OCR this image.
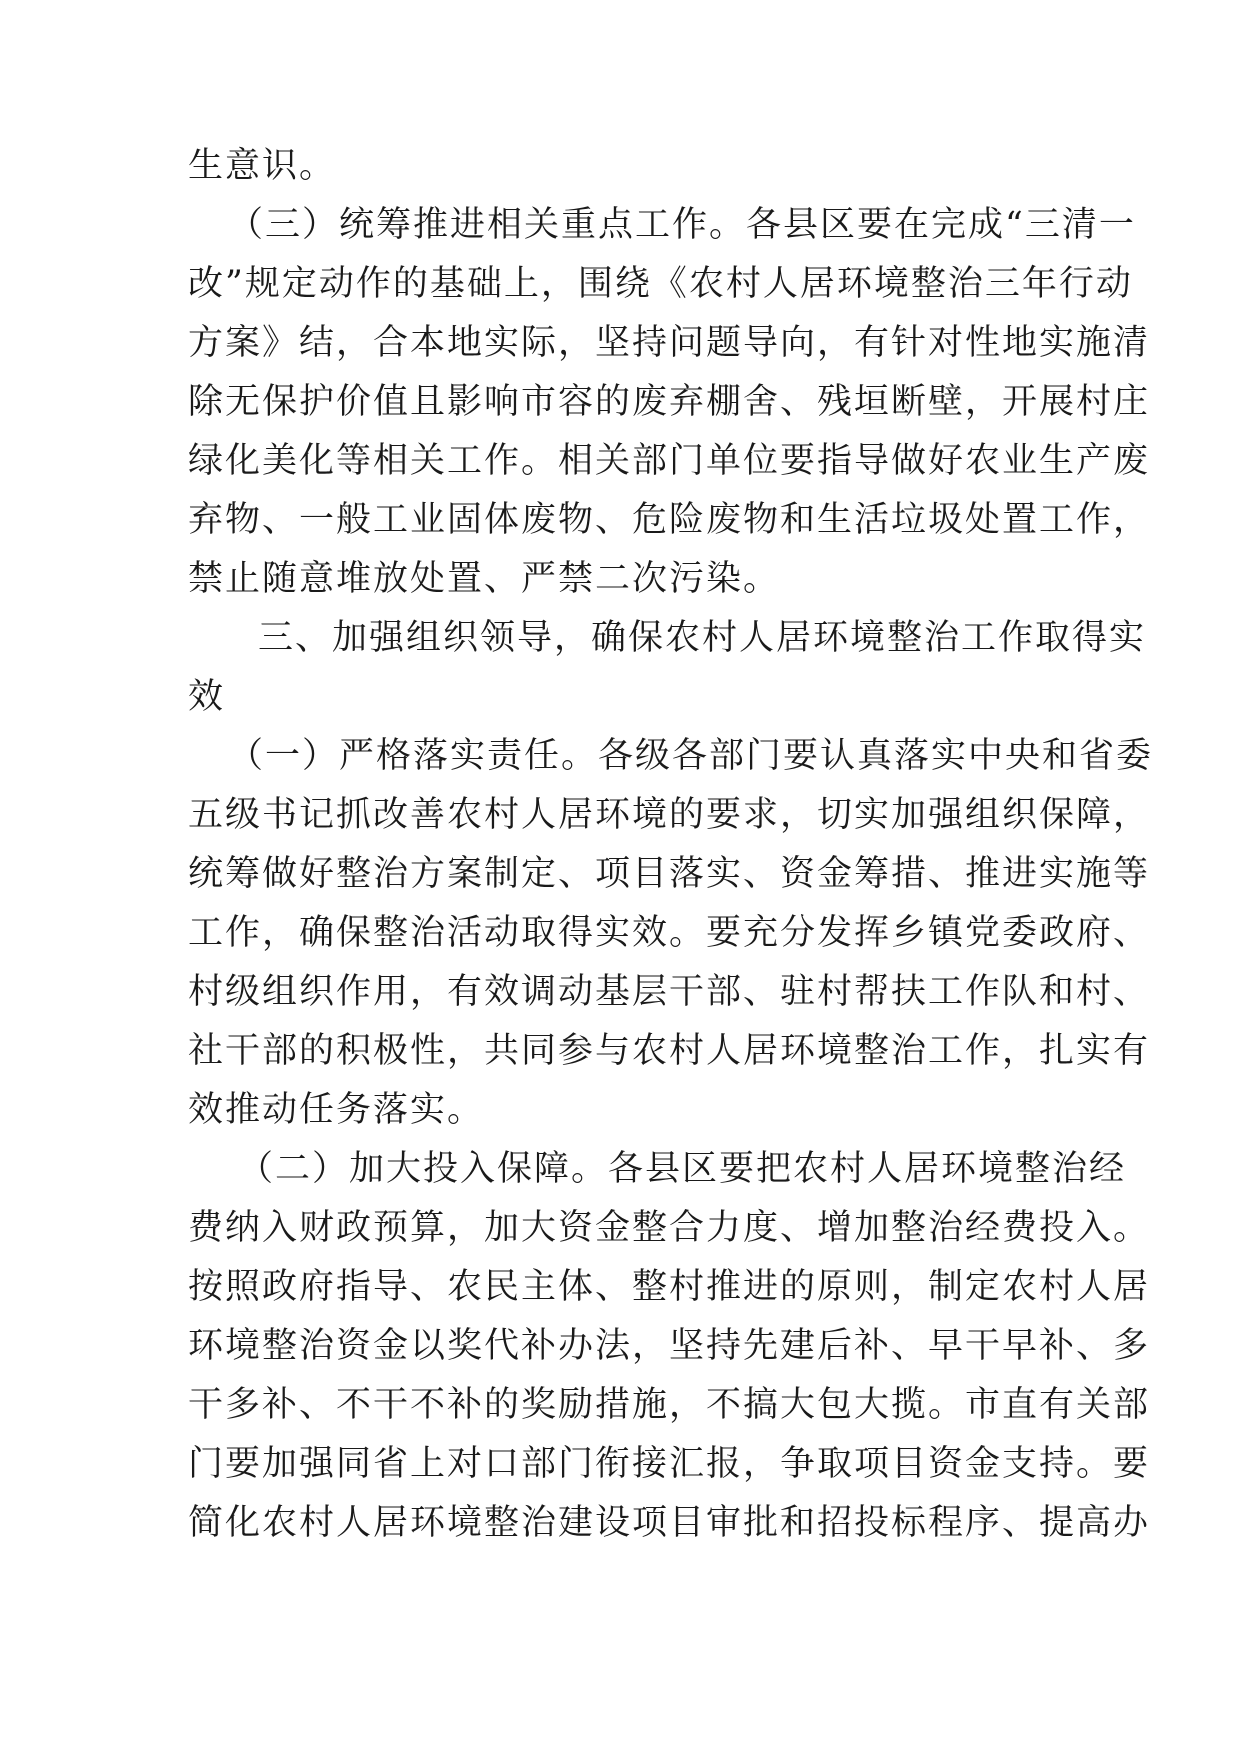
生意识。
（三）统筹推进相关重点工作。各县区要在完成“三清一
改”规定动作的基础上，围绕《农村人居环境整治三年行动
方案》结，合本地实际，坚持问题导向，有针对性地实施清
除无保护价值且影响市容的废弃棚舍、残垣断壁，开展村庄
绿化美化等相关工作。相关部门单位要指导做好农业生产废
弃物、一般工业固体废物、危险废物和生活垃圾处置工作，
禁止随意堆放处置、严禁二次污染。
三、加强组织领导，确保农村人居环境整治工作取得实
效
（一）严格落实责任。各级各部门要认真落实中央和省委
五级书记抓改善农村人居环境的要求，切实加强组织保障，
统筹做好整治方案制定、项目落实、资金筹措、推进实施等
工作，确保整治活动取得实效。要充分发挥乡镇党委政府、
村级组织作用，有效调动基层干部、驻村帮扶工作队和村、
社干部的积极性，共同参与农村人居环境整治工作，扎实有
效推动任务落实。
（二）加大投入保障。各县区要把农村人居环境整治经
费纳入财政预算，加大资金整合力度、增加整治经费投入。
按照政府指导、农民主体、整村推进的原则，制定农村人居
环境整治资金以奖代补办法，坚持先建后补、早干早补、多
干多补、不干不补的奖励措施，不搞大包大揽。市直有关部
门要加强同省上对口部门衔接汇报，争取项目资金支持。要
简化农村人居环境整治建设项目审批和招投标程序、提高办
